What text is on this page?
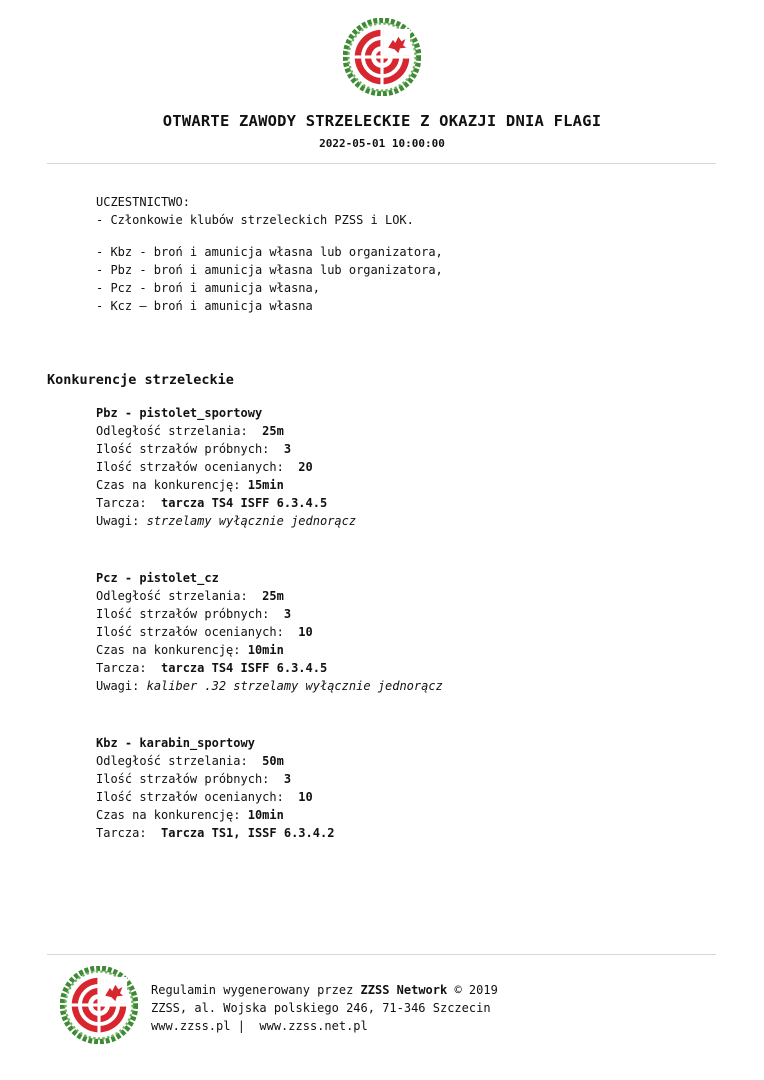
OTWARTE ZAWODY STRZELECKIE Z OKAZJI DNIA FLAGI
2022-05-01 10:00:00
UCZESTNICTWO:
- Członkowie klubów strzeleckich PZSS i LOK.
- Kbz - broń i amunicja własna lub organizatora,
- Pbz - broń i amunicja własna lub organizatora,
- Pcz - broń i amunicja własna,
- Kcz – broń i amunicja własna
Konkurencje strzeleckie
Pbz - pistolet_sportowy
Odległość strzelania: 25m
Ilość strzałów próbnych: 3
Ilość strzałów ocenianych: 20
Czas na konkurencję: 15min
Tarcza: tarcza TS4 ISFF 6.3.4.5
Uwagi: strzelamy wyłącznie jednorącz
Pcz - pistolet_cz
Odległość strzelania: 25m
Ilość strzałów próbnych: 3
Ilość strzałów ocenianych: 10
Czas na konkurencję: 10min
Tarcza: tarcza TS4 ISFF 6.3.4.5
Uwagi: kaliber .32 strzelamy wyłącznie jednorącz
Kbz - karabin_sportowy
Odległość strzelania: 50m
Ilość strzałów próbnych: 3
Ilość strzałów ocenianych: 10
Czas na konkurencję: 10min
Tarcza: Tarcza TS1, ISSF 6.3.4.2
Regulamin wygenerowany przez ZZSS Network © 2019
ZZSS, al. Wojska polskiego 246, 71-346 Szczecin
www.zzss.pl |  www.zzss.net.pl
